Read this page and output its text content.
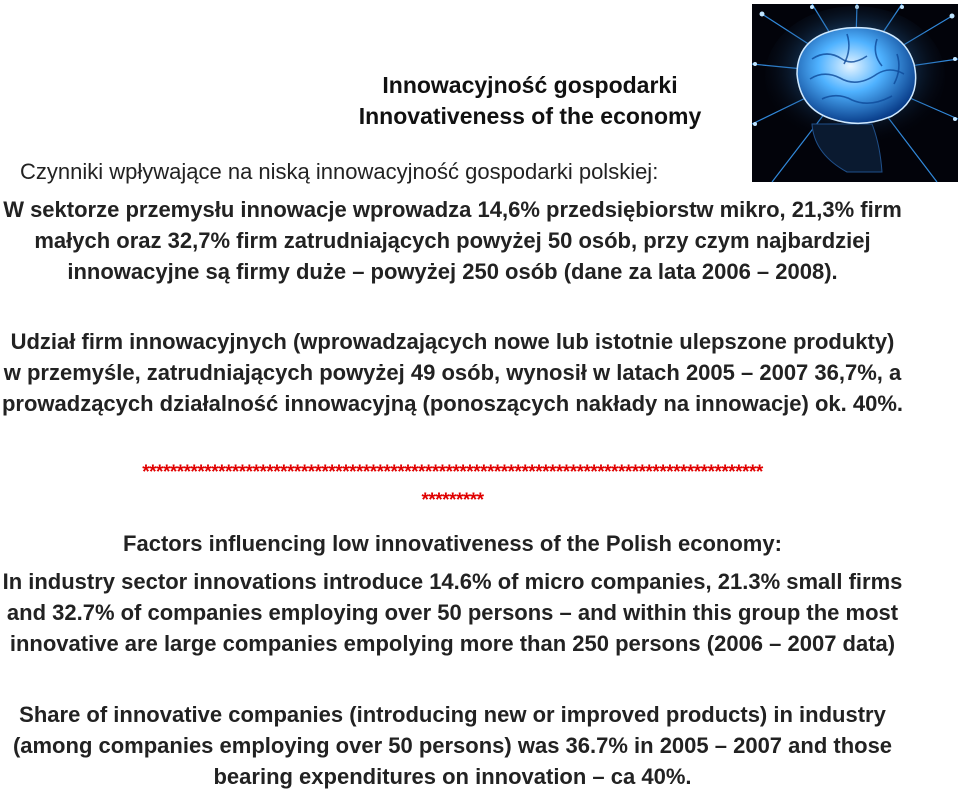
Innowacyjność gospodarki
Innovativeness of the economy
Czynniki wpływające na niską innowacyjność gospodarki polskiej:
W sektorze przemysłu innowacje wprowadza 14,6% przedsiębiorstw mikro, 21,3% firm małych oraz 32,7% firm zatrudniających powyżej 50 osób, przy czym najbardziej innowacyjne są firmy duże – powyżej 250 osób (dane za lata 2006 – 2008).
Udział firm innowacyjnych (wprowadzających nowe lub istotnie ulepszone produkty) w przemyśle, zatrudniających powyżej 49 osób, wynosił w latach 2005 – 2007 36,7%, a prowadzących działalność innowacyjną (ponoszących nakłady na innowacje) ok. 40%.
******************************************************************************************
*********
Factors influencing low innovativeness of the Polish economy:
In industry sector innovations introduce 14.6% of micro companies, 21.3% small firms and 32.7% of companies employing over 50 persons – and within this group the most innovative are large companies empolying more than 250 persons (2006 – 2007 data)
Share of innovative companies (introducing new or improved products) in industry (among companies employing over 50 persons) was 36.7% in 2005 – 2007 and those bearing expenditures on innovation – ca 40%.
